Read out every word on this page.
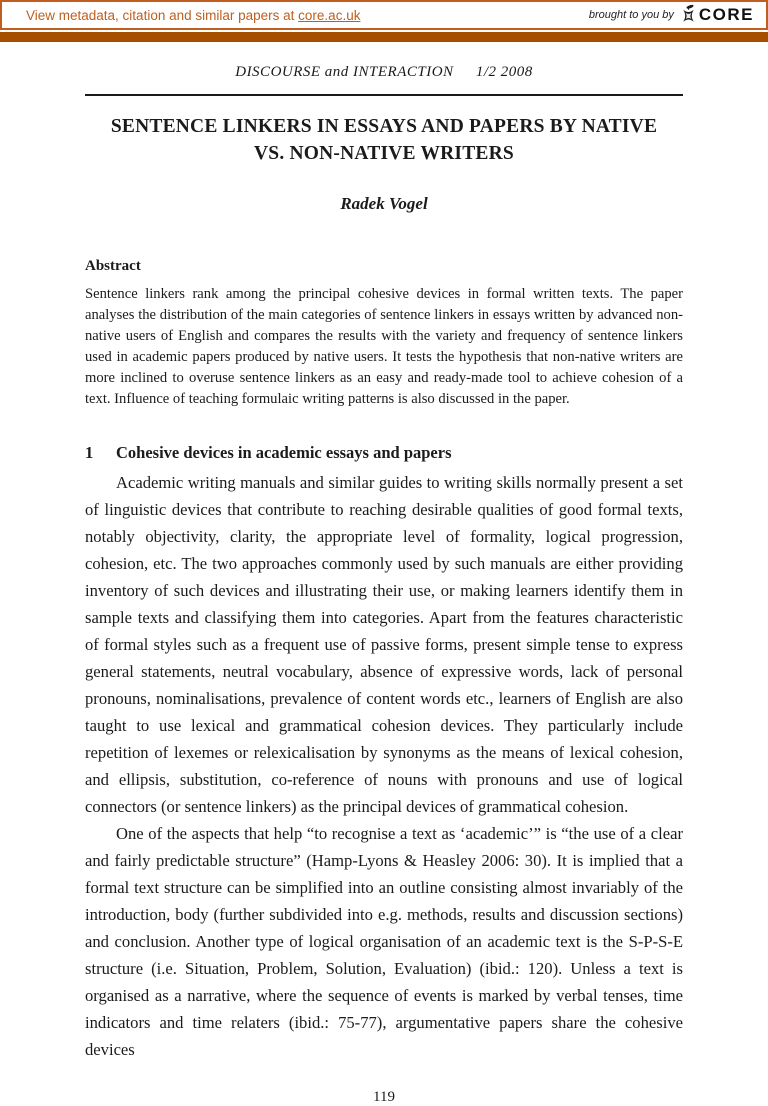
View metadata, citation and similar papers at core.ac.uk	brought to you by CORE
DISCOURSE and INTERACTION 1/2 2008
SENTENCE LINKERS IN ESSAYS AND PAPERS BY NATIVE
VS. NON-NATIVE WRITERS
Radek Vogel
Abstract
Sentence linkers rank among the principal cohesive devices in formal written texts. The paper analyses the distribution of the main categories of sentence linkers in essays written by advanced non-native users of English and compares the results with the variety and frequency of sentence linkers used in academic papers produced by native users. It tests the hypothesis that non-native writers are more inclined to overuse sentence linkers as an easy and ready-made tool to achieve cohesion of a text. Influence of teaching formulaic writing patterns is also discussed in the paper.
1 Cohesive devices in academic essays and papers

Academic writing manuals and similar guides to writing skills normally present a set of linguistic devices that contribute to reaching desirable qualities of good formal texts, notably objectivity, clarity, the appropriate level of formality, logical progression, cohesion, etc. The two approaches commonly used by such manuals are either providing inventory of such devices and illustrating their use, or making learners identify them in sample texts and classifying them into categories. Apart from the features characteristic of formal styles such as a frequent use of passive forms, present simple tense to express general statements, neutral vocabulary, absence of expressive words, lack of personal pronouns, nominalisations, prevalence of content words etc., learners of English are also taught to use lexical and grammatical cohesion devices. They particularly include repetition of lexemes or relexicalisation by synonyms as the means of lexical cohesion, and ellipsis, substitution, co-reference of nouns with pronouns and use of logical connectors (or sentence linkers) as the principal devices of grammatical cohesion.

One of the aspects that help “to recognise a text as ‘academic’” is “the use of a clear and fairly predictable structure” (Hamp-Lyons & Heasley 2006: 30). It is implied that a formal text structure can be simplified into an outline consisting almost invariably of the introduction, body (further subdivided into e.g. methods, results and discussion sections) and conclusion. Another type of logical organisation of an academic text is the S-P-S-E structure (i.e. Situation, Problem, Solution, Evaluation) (ibid.: 120). Unless a text is organised as a narrative, where the sequence of events is marked by verbal tenses, time indicators and time relaters (ibid.: 75-77), argumentative papers share the cohesive devices

119
